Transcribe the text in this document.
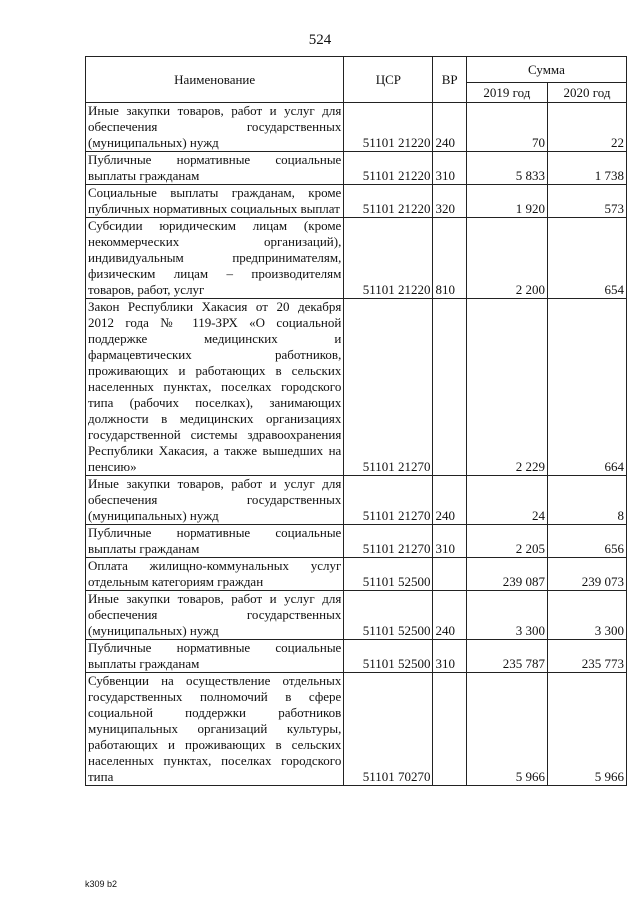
524
Наименование	ЦСР	ВР	Сумма	
			2019 год	2020 год
Иные закупки товаров, работ и услуг для обеспечения государственных (муниципальных) нужд	51101 21220	240	70	22
Публичные нормативные социальные выплаты гражданам	51101 21220	310	5 833	1 738
Социальные выплаты гражданам, кроме публичных нормативных социальных выплат	51101 21220	320	1 920	573
Субсидии юридическим лицам (кроме некоммерческих организаций), индивидуальным предпринимателям, физическим лицам – производителям товаров, работ, услуг	51101 21220	810	2 200	654
Закон Республики Хакасия от 20 декабря 2012 года № 119-ЗРХ «О социальной поддержке медицинских и фармацевтических работников, проживающих и работающих в сельских населенных пунктах, поселках городского типа (рабочих поселках), занимающих должности в медицинских организациях государственной системы здравоохранения Республики Хакасия, а также вышедших на пенсию»	51101 21270		2 229	664
Иные закупки товаров, работ и услуг для обеспечения государственных (муниципальных) нужд	51101 21270	240	24	8
Публичные нормативные социальные выплаты гражданам	51101 21270	310	2 205	656
Оплата жилищно-коммунальных услуг отдельным категориям граждан	51101 52500		239 087	239 073
Иные закупки товаров, работ и услуг для обеспечения государственных (муниципальных) нужд	51101 52500	240	3 300	3 300
Публичные нормативные социальные выплаты гражданам	51101 52500	310	235 787	235 773
Субвенции на осуществление отдельных государственных полномочий в сфере социальной поддержки работников муниципальных организаций культуры, работающих и проживающих в сельских населенных пунктах, поселках городского типа	51101 70270		5 966	5 966
k309 b2
